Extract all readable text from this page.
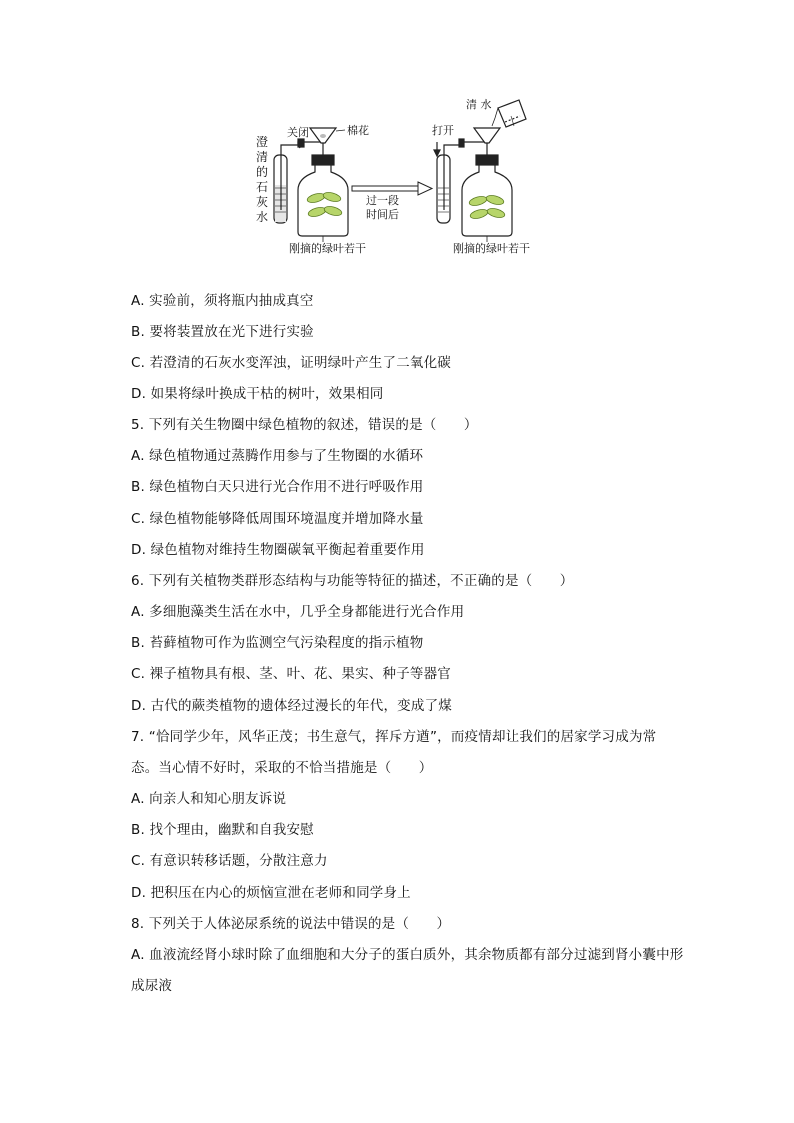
关闭	棉花
澄
清
的
石
灰
水
刚摘的绿叶若干
过一段
时间后
清 水
打开
刚摘的绿叶若干
A. 实验前，须将瓶内抽成真空
B. 要将装置放在光下进行实验
C. 若澄清的石灰水变浑浊，证明绿叶产生了二氧化碳
D. 如果将绿叶换成干枯的树叶，效果相同
5. 下列有关生物圈中绿色植物的叙述，错误的是（　　）
A. 绿色植物通过蒸腾作用参与了生物圈的水循环
B. 绿色植物白天只进行光合作用不进行呼吸作用
C. 绿色植物能够降低周围环境温度并增加降水量
D. 绿色植物对维持生物圈碳氧平衡起着重要作用
6. 下列有关植物类群形态结构与功能等特征的描述，不正确的是（　　）
A. 多细胞藻类生活在水中，几乎全身都能进行光合作用
B. 苔藓植物可作为监测空气污染程度的指示植物
C. 裸子植物具有根、茎、叶、花、果实、种子等器官
D. 古代的蕨类植物的遗体经过漫长的年代，变成了煤
7. “恰同学少年，风华正茂；书生意气，挥斥方遒”，而疫情却让我们的居家学习成为常
态。当心情不好时，采取的不恰当措施是（　　）
A. 向亲人和知心朋友诉说
B. 找个理由，幽默和自我安慰
C. 有意识转移话题，分散注意力
D. 把积压在内心的烦恼宣泄在老师和同学身上
8. 下列关于人体泌尿系统的说法中错误的是（　　）
A. 血液流经肾小球时除了血细胞和大分子的蛋白质外，其余物质都有部分过滤到肾小囊中形
成尿液
